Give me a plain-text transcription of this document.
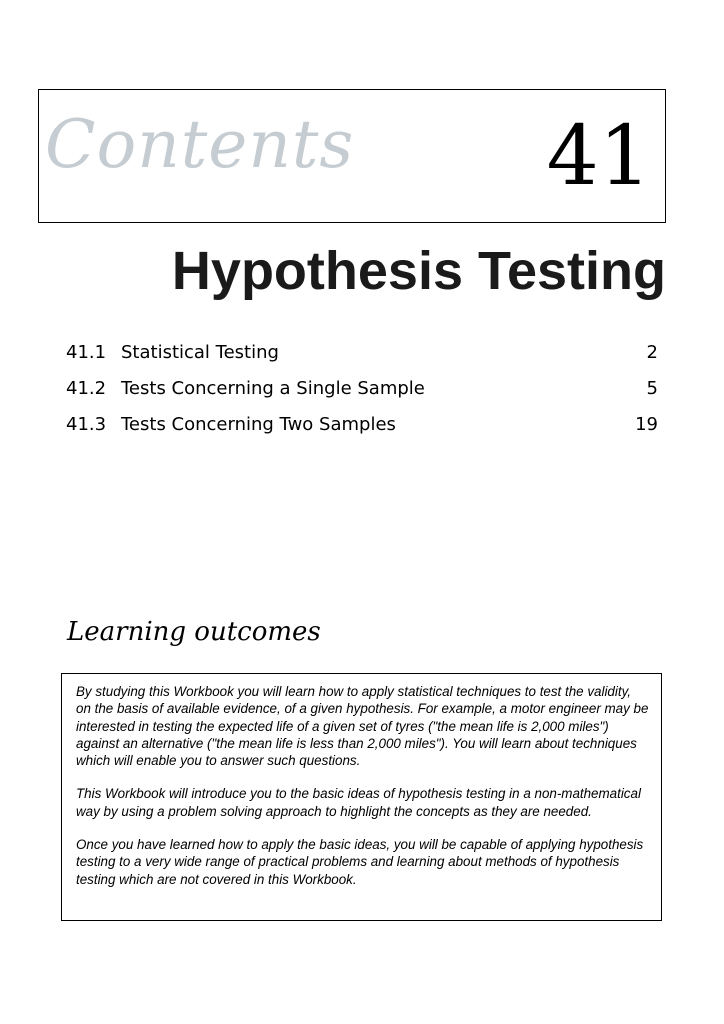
Contents 41
Hypothesis Testing
41.1 Statistical Testing	2
41.2 Tests Concerning a Single Sample	5
41.3 Tests Concerning Two Samples	19
Learning outcomes

By studying this Workbook you will learn how to apply statistical techniques to test the validity, on the basis of available evidence, of a given hypothesis. For example, a motor engineer may be interested in testing the expected life of a given set of tyres ("the mean life is 2,000 miles") against an alternative ("the mean life is less than 2,000 miles"). You will learn about techniques which will enable you to answer such questions.

This Workbook will introduce you to the basic ideas of hypothesis testing in a non-mathematical way by using a problem solving approach to highlight the concepts as they are needed.

Once you have learned how to apply the basic ideas, you will be capable of applying hypothesis testing to a very wide range of practical problems and learning about methods of hypothesis testing which are not covered in this Workbook.
